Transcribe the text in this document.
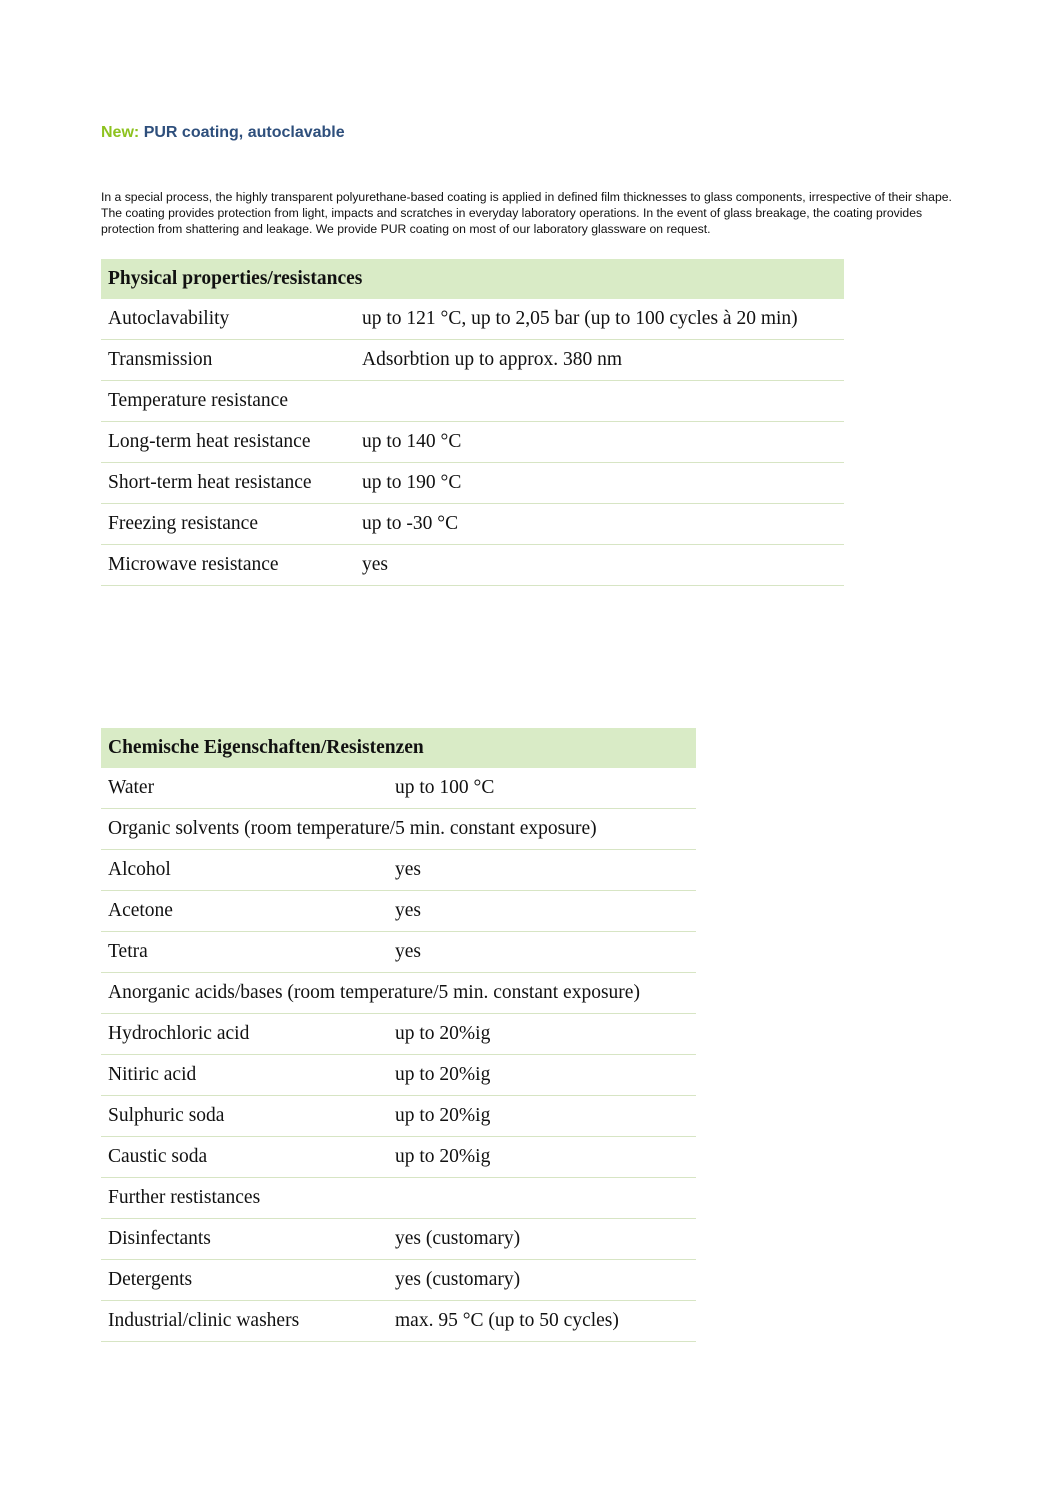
New: PUR coating, autoclavable
In a special process, the highly transparent polyurethane-based coating is applied in defined film thicknesses to glass components, irrespective of their shape. The coating provides protection from light, impacts and scratches in everyday laboratory operations. In the event of glass breakage, the coating provides protection from shattering and leakage. We provide PUR coating on most of our laboratory glassware on request.
Physical properties/resistances	
Autoclavability	up to 121 °C, up to 2,05 bar (up to 100 cycles à 20 min)
Transmission	Adsorbtion up to approx. 380 nm
Temperature resistance	
Long-term heat resistance	up to 140 °C
Short-term heat resistance	up to 190 °C
Freezing resistance	up to -30 °C
Microwave resistance	yes
Chemische Eigenschaften/Resistenzen	
Water	up to 100 °C
Organic solvents (room temperature/5 min. constant exposure)	
Alcohol	yes
Acetone	yes
Tetra	yes
Anorganic acids/bases (room temperature/5 min. constant exposure)	
Hydrochloric acid	up to 20%ig
Nitiric acid	up to 20%ig
Sulphuric soda	up to 20%ig
Caustic soda	up to 20%ig
Further restistances	
Disinfectants	yes (customary)
Detergents	yes (customary)
Industrial/clinic washers	max. 95 °C (up to 50 cycles)
